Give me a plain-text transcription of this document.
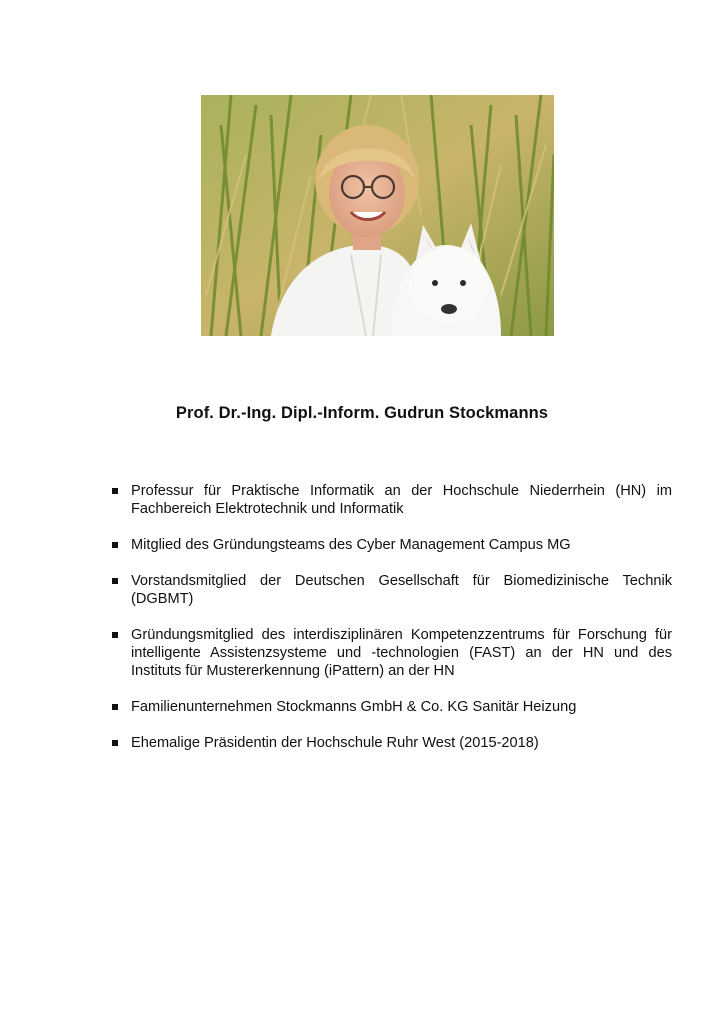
Prof. Dr.-Ing. Dipl.-Inform. Gudrun Stockmanns
Professur für Praktische Informatik an der Hochschule Niederrhein (HN) im Fachbereich Elektrotechnik und Informatik
Mitglied des Gründungsteams des Cyber Management Campus MG
Vorstandsmitglied der Deutschen Gesellschaft für Biomedizinische Technik (DGBMT)
Gründungsmitglied des interdisziplinären Kompetenzzentrums für Forschung für intelligente Assistenzsysteme und -technologien (FAST) an der HN und des Instituts für Mustererkennung (iPattern) an der HN
Familienunternehmen Stockmanns GmbH & Co. KG Sanitär Heizung
Ehemalige Präsidentin der Hochschule Ruhr West (2015-2018)
